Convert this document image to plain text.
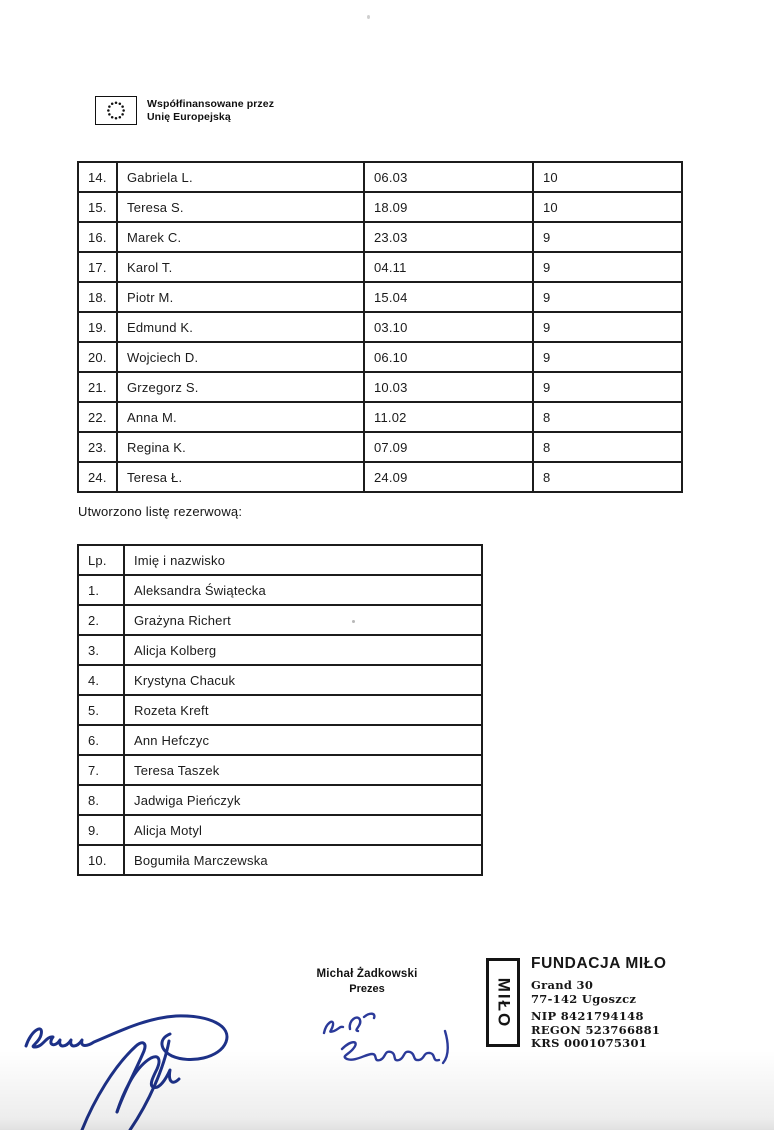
Współfinansowane przez
Unię Europejską
14.	Gabriela L.	06.03	10
15.	Teresa S.	18.09	10
16.	Marek C.	23.03	9
17.	Karol T.	04.11	9
18.	Piotr M.	15.04	9
19.	Edmund K.	03.10	9
20.	Wojciech D.	06.10	9
21.	Grzegorz S.	10.03	9
22.	Anna M.	11.02	8
23.	Regina K.	07.09	8
24.	Teresa Ł.	24.09	8
Utworzono listę rezerwową:
Lp.	Imię i nazwisko
1.	Aleksandra Świątecka
2.	Grażyna Richert
3.	Alicja Kolberg
4.	Krystyna Chacuk
5.	Rozeta Kreft
6.	Ann Hefczyc
7.	Teresa Taszek
8.	Jadwiga Pieńczyk
9.	Alicja Motyl
10.	Bogumiła Marczewska
Michał Żadkowski
Prezes	MIŁO
FUNDACJA MIŁO
Grand 30
77-142 Ugoszcz
NIP 8421794148
REGON 523766881
KRS 0001075301
